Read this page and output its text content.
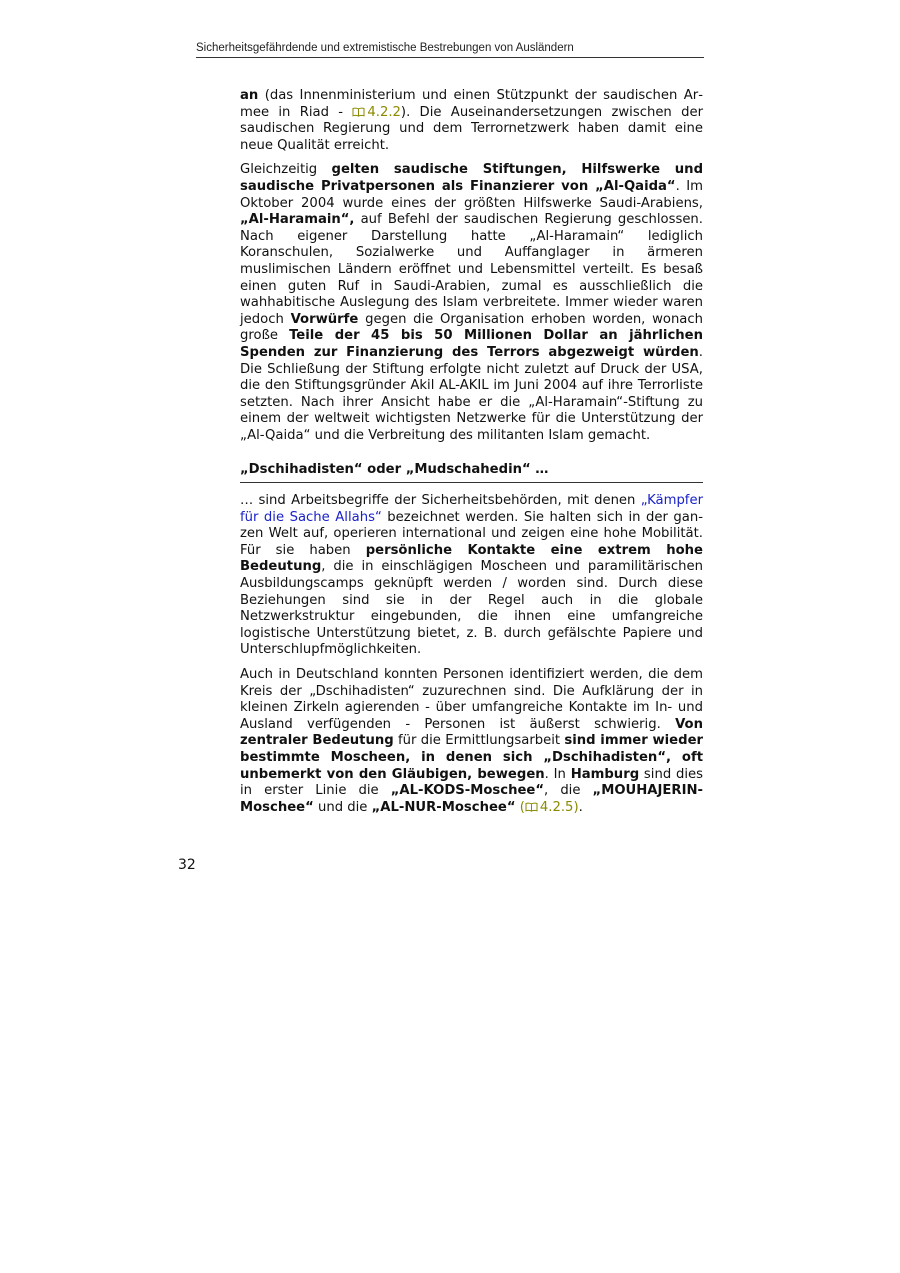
Sicherheitsgefährdende und extremistische Bestrebungen von Ausländern

an (das Innenministerium und einen Stützpunkt der saudischen Armee in Riad - 4.2.2). Die Auseinandersetzungen zwischen der saudischen Regierung und dem Terrornetzwerk haben damit eine neue Qualität erreicht.

Gleichzeitig gelten saudische Stiftungen, Hilfswerke und saudische Privatpersonen als Finanzierer von „Al-Qaida“. Im Oktober 2004 wurde eines der größten Hilfswerke Saudi-Arabiens, „Al-Haramain“, auf Befehl der saudischen Regierung geschlossen. Nach eigener Darstellung hatte „Al-Haramain“ lediglich Koranschulen, Sozialwerke und Auffanglager in ärmeren muslimischen Ländern eröffnet und Lebensmittel verteilt. Es besaß einen guten Ruf in Saudi-Arabien, zumal es ausschließlich die wahhabitische Auslegung des Islam verbreitete. Immer wieder waren jedoch Vorwürfe gegen die Organisation erhoben worden, wonach große Teile der 45 bis 50 Millionen Dollar an jährlichen Spenden zur Finanzierung des Terrors abgezweigt würden. Die Schließung der Stiftung erfolgte nicht zuletzt auf Druck der USA, die den Stiftungsgründer Akil AL-AKIL im Juni 2004 auf ihre Terrorliste setzten. Nach ihrer Ansicht habe er die „Al-Haramain“-Stiftung zu einem der weltweit wichtigsten Netzwerke für die Unterstützung der „Al-Qaida“ und die Verbreitung des militanten Islam gemacht.

„Dschihadisten“ oder „Mudschahedin“ …

… sind Arbeitsbegriffe der Sicherheitsbehörden, mit denen „Kämpfer für die Sache Allahs“ bezeichnet werden. Sie halten sich in der ganzen Welt auf, operieren international und zeigen eine hohe Mobilität. Für sie haben persönliche Kontakte eine extrem hohe Bedeutung, die in einschlägigen Moscheen und paramilitärischen Ausbildungscamps geknüpft werden / worden sind. Durch diese Beziehungen sind sie in der Regel auch in die globale Netzwerkstruktur eingebunden, die ihnen eine umfangreiche logistische Unterstützung bietet, z. B. durch gefälschte Papiere und Unterschlupfmöglichkeiten.

Auch in Deutschland konnten Personen identifiziert werden, die dem Kreis der „Dschihadisten“ zuzurechnen sind. Die Aufklärung der in kleinen Zirkeln agierenden - über umfangreiche Kontakte im In- und Ausland verfügenden - Personen ist äußerst schwierig. Von zentraler Bedeutung für die Ermittlungsarbeit sind immer wieder bestimmte Moscheen, in denen sich „Dschihadisten“, oft unbemerkt von den Gläubigen, bewegen. In Hamburg sind dies in erster Linie die „AL-KODS-Moschee“, die „MOUHAJERIN-Moschee“ und die „AL-NUR-Moschee“ ( 4.2.5).

32
